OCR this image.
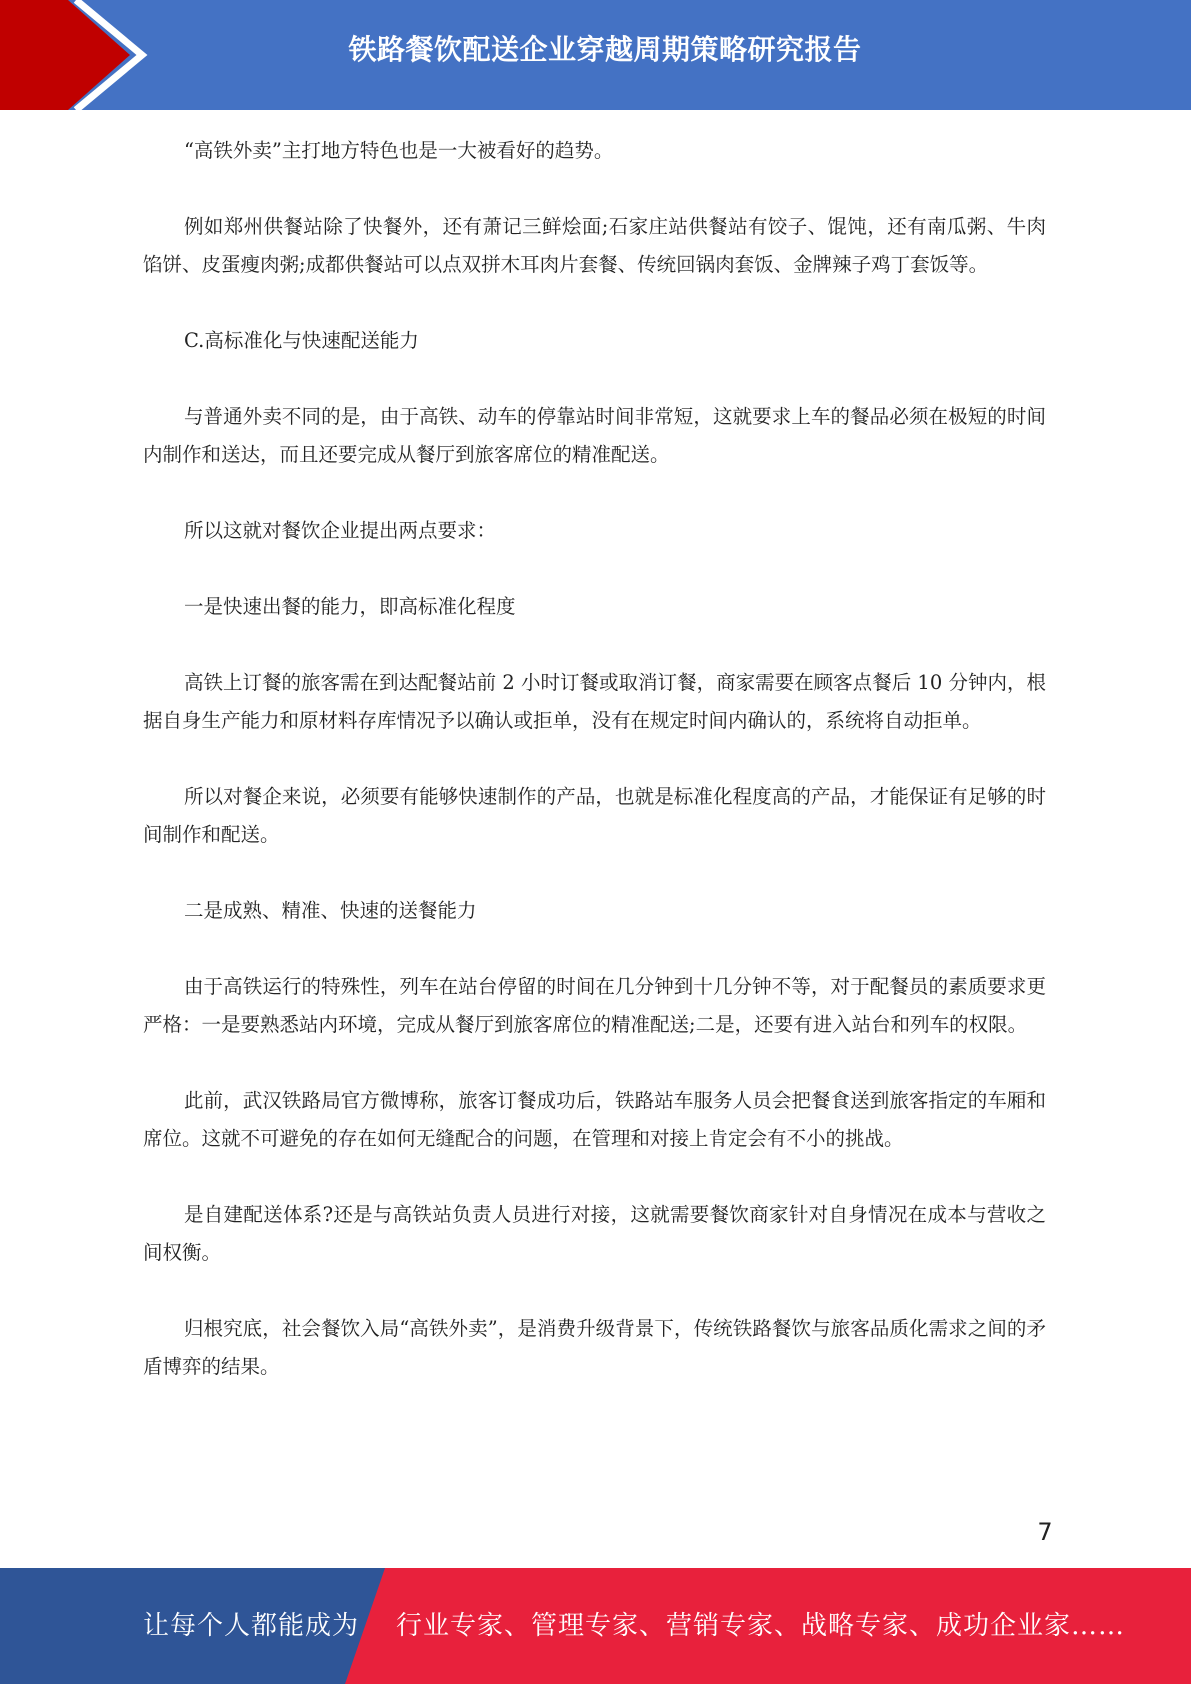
铁路餐饮配送企业穿越周期策略研究报告

“高铁外卖”主打地方特色也是一大被看好的趋势。

例如郑州供餐站除了快餐外，还有萧记三鲜烩面;石家庄站供餐站有饺子、馄饨，还有南瓜粥、牛肉馅饼、皮蛋瘦肉粥;成都供餐站可以点双拼木耳肉片套餐、传统回锅肉套饭、金牌辣子鸡丁套饭等。

C.高标准化与快速配送能力

与普通外卖不同的是，由于高铁、动车的停靠站时间非常短，这就要求上车的餐品必须在极短的时间内制作和送达，而且还要完成从餐厅到旅客席位的精准配送。

所以这就对餐饮企业提出两点要求：

一是快速出餐的能力，即高标准化程度

高铁上订餐的旅客需在到达配餐站前 2 小时订餐或取消订餐，商家需要在顾客点餐后 10 分钟内，根据自身生产能力和原材料存库情况予以确认或拒单，没有在规定时间内确认的，系统将自动拒单。

所以对餐企来说，必须要有能够快速制作的产品，也就是标准化程度高的产品，才能保证有足够的时间制作和配送。

二是成熟、精准、快速的送餐能力

由于高铁运行的特殊性，列车在站台停留的时间在几分钟到十几分钟不等，对于配餐员的素质要求更严格：一是要熟悉站内环境，完成从餐厅到旅客席位的精准配送;二是，还要有进入站台和列车的权限。

此前，武汉铁路局官方微博称，旅客订餐成功后，铁路站车服务人员会把餐食送到旅客指定的车厢和席位。这就不可避免的存在如何无缝配合的问题，在管理和对接上肯定会有不小的挑战。

是自建配送体系?还是与高铁站负责人员进行对接，这就需要餐饮商家针对自身情况在成本与营收之间权衡。

归根究底，社会餐饮入局“高铁外卖”，是消费升级背景下，传统铁路餐饮与旅客品质化需求之间的矛盾博弈的结果。

7
让每个人都能成为 行业专家、管理专家、营销专家、战略专家、成功企业家……
